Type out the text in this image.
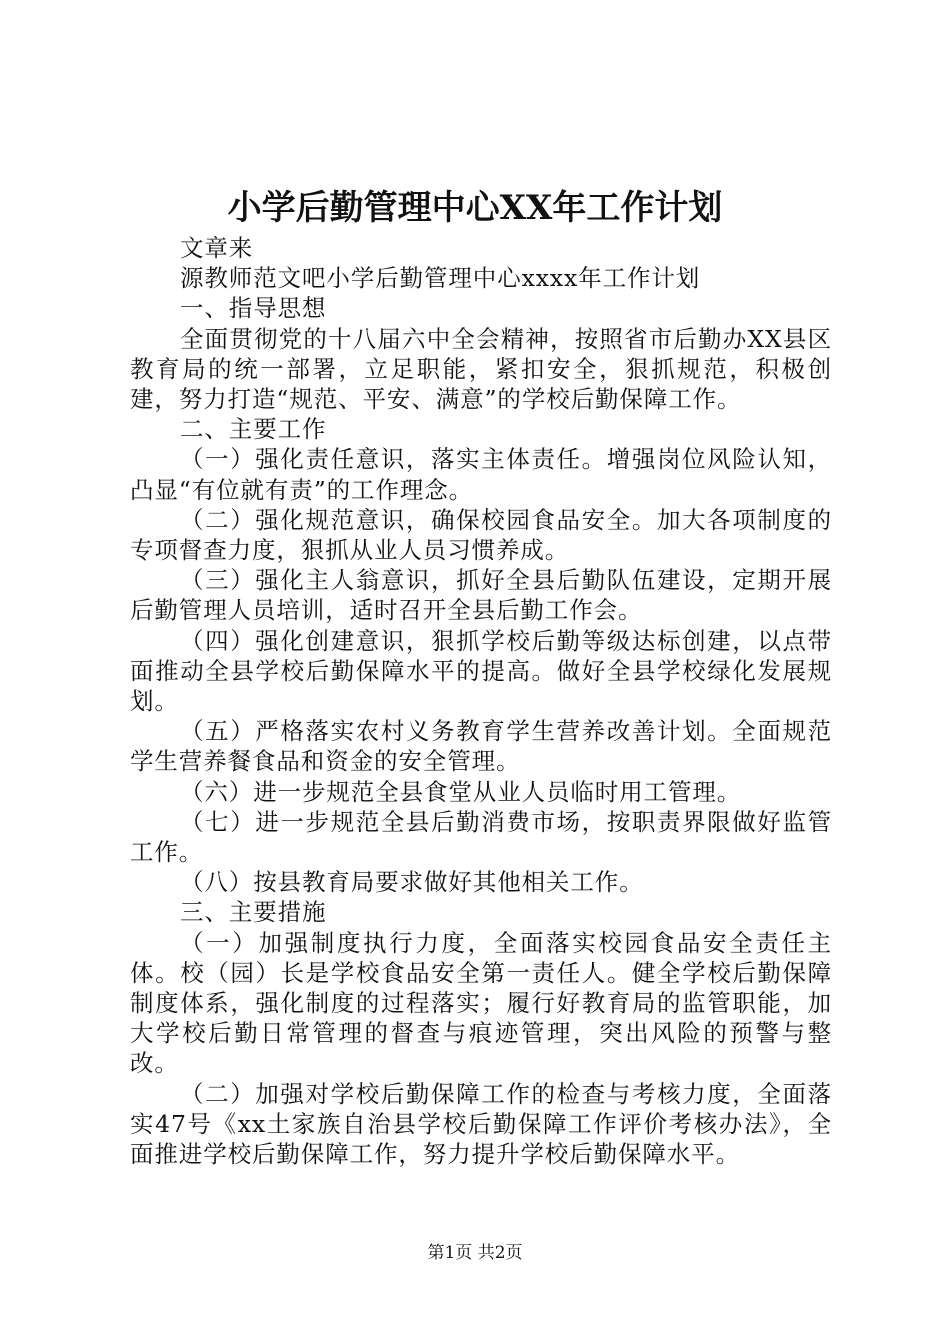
小学后勤管理中心XX年工作计划

文章来

源教师范文吧小学后勤管理中心xxxx年工作计划

一、指导思想

全面贯彻党的十八届六中全会精神，按照省市后勤办XX县区教育局的统一部署，立足职能，紧扣安全，狠抓规范，积极创建，努力打造“规范、平安、满意”的学校后勤保障工作。

二、主要工作

（一）强化责任意识，落实主体责任。增强岗位风险认知，凸显“有位就有责”的工作理念。

（二）强化规范意识，确保校园食品安全。加大各项制度的专项督查力度，狠抓从业人员习惯养成。

（三）强化主人翁意识，抓好全县后勤队伍建设，定期开展后勤管理人员培训，适时召开全县后勤工作会。

（四）强化创建意识，狠抓学校后勤等级达标创建，以点带面推动全县学校后勤保障水平的提高。做好全县学校绿化发展规划。

（五）严格落实农村义务教育学生营养改善计划。全面规范学生营养餐食品和资金的安全管理。

（六）进一步规范全县食堂从业人员临时用工管理。

（七）进一步规范全县后勤消费市场，按职责界限做好监管工作。

（八）按县教育局要求做好其他相关工作。

三、主要措施

（一）加强制度执行力度，全面落实校园食品安全责任主体。校（园）长是学校食品安全第一责任人。健全学校后勤保障制度体系，强化制度的过程落实；履行好教育局的监管职能，加大学校后勤日常管理的督查与痕迹管理，突出风险的预警与整改。

（二）加强对学校后勤保障工作的检查与考核力度，全面落实47号《xx土家族自治县学校后勤保障工作评价考核办法》，全面推进学校后勤保障工作，努力提升学校后勤保障水平。

第1页 共2页
